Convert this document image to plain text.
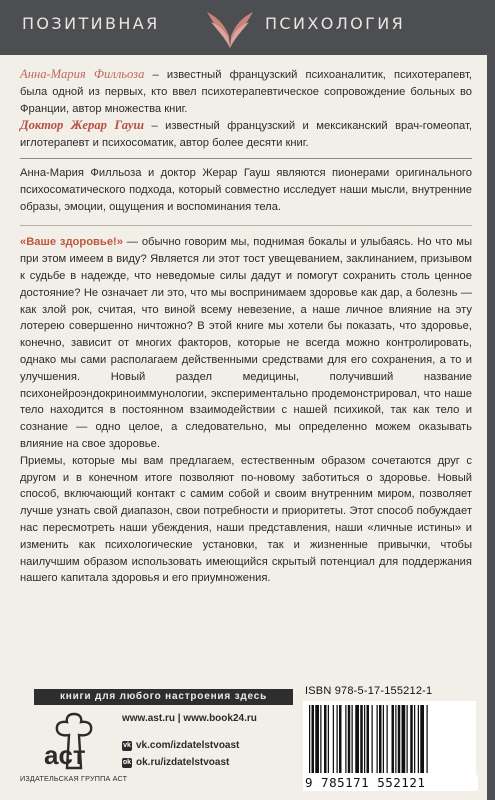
ПОЗИТИВНАЯ	ПСИХОЛОГИЯ

Анна-Мария Филльоза – известный французский психоаналитик, психотерапевт, была одной из первых, кто ввел психотерапевтическое сопровождение больных во Франции, автор множества книг.

Доктор Жерар Гауш – известный французский и мексиканский врач-гомеопат, иглотерапевт и психосоматик, автор более десяти книг.

Анна-Мария Филльоза и доктор Жерар Гауш являются пионерами оригинального психосоматического подхода, который совместно исследует наши мысли, внутренние образы, эмоции, ощущения и воспоминания тела.

«Ваше здоровье!» — обычно говорим мы, поднимая бокалы и улыбаясь. Но что мы при этом имеем в виду? Является ли этот тост увещеванием, заклинанием, призывом к судьбе в надежде, что неведомые силы дадут и помогут сохранить столь ценное достояние? Не означает ли это, что мы воспринимаем здоровье как дар, а болезнь — как злой рок, считая, что виной всему невезение, а наше личное влияние на эту лотерею совершенно ничтожно? В этой книге мы хотели бы показать, что здоровье, конечно, зависит от многих факторов, которые не всегда можно контролировать, однако мы сами располагаем действенными средствами для его сохранения, а то и улучшения. Новый раздел медицины, получивший название психонейроэндокриноиммунологии, экспериментально продемонстрировал, что наше тело находится в постоянном взаимодействии с нашей психикой, так как тело и сознание — одно целое, а следовательно, мы определенно можем оказывать влияние на свое здоровье.

Приемы, которые мы вам предлагаем, естественным образом сочетаются друг с другом и в конечном итоге позволяют по-новому заботиться о здоровье. Новый способ, включающий контакт с самим собой и своим внутренним миром, позволяет лучше узнать свой диапазон, свои потребности и приоритеты. Этот способ побуждает нас пересмотреть наши убеждения, наши представления, наши «личные истины» и изменить как психологические установки, так и жизненные привычки, чтобы наилучшим образом использовать имеющийся скрытый потенциал для поддержания нашего капитала здоровья и его приумножения.

книги для любого настроения здесь
аст
ИЗДАТЕЛЬСКАЯ ГРУППА АСТ
www.ast.ru | www.book24.ru
vk vk.com/izdatelstvoast
ok ok.ru/izdatelstvoast
ISBN 978-5-17-155212-1
9 785171 552121
